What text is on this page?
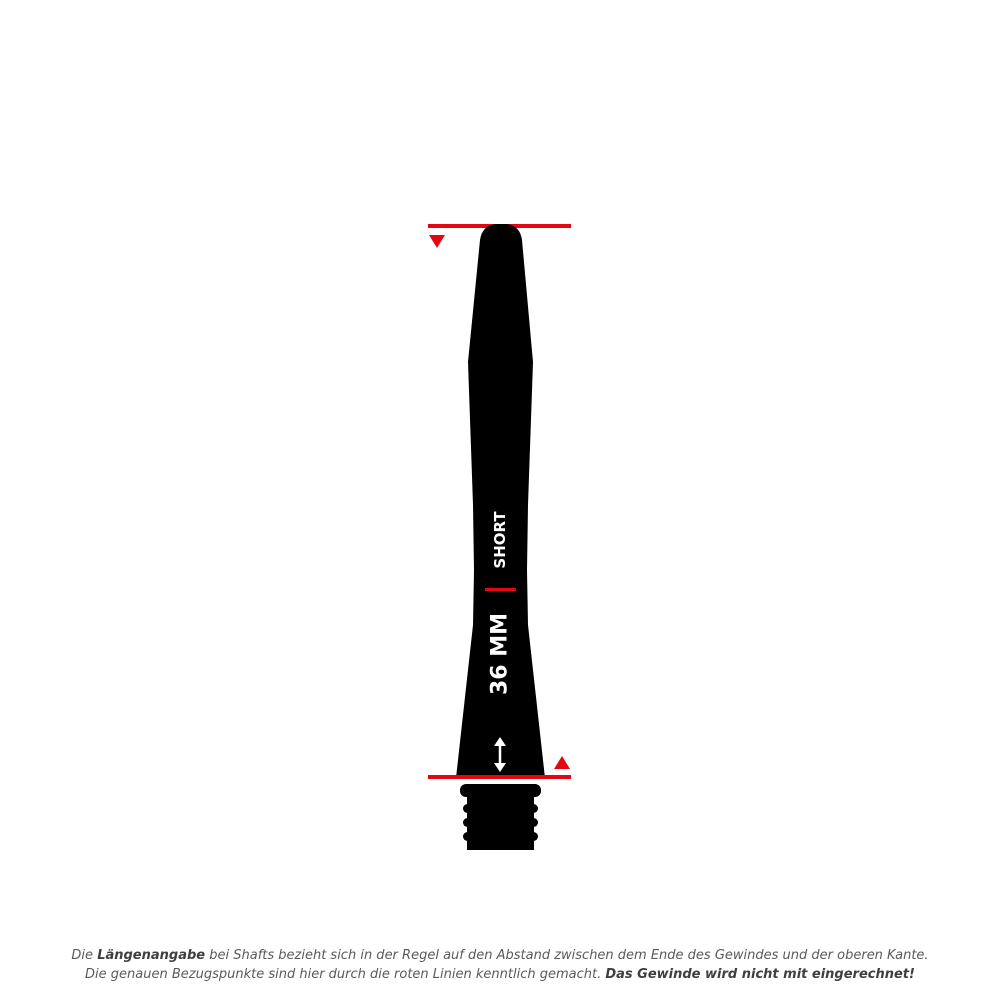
SHORT
36 MM
Die Längenangabe bei Shafts bezieht sich in der Regel auf den Abstand zwischen dem Ende des Gewindes und der oberen Kante.
Die genauen Bezugspunkte sind hier durch die roten Linien kenntlich gemacht. Das Gewinde wird nicht mit eingerechnet!
